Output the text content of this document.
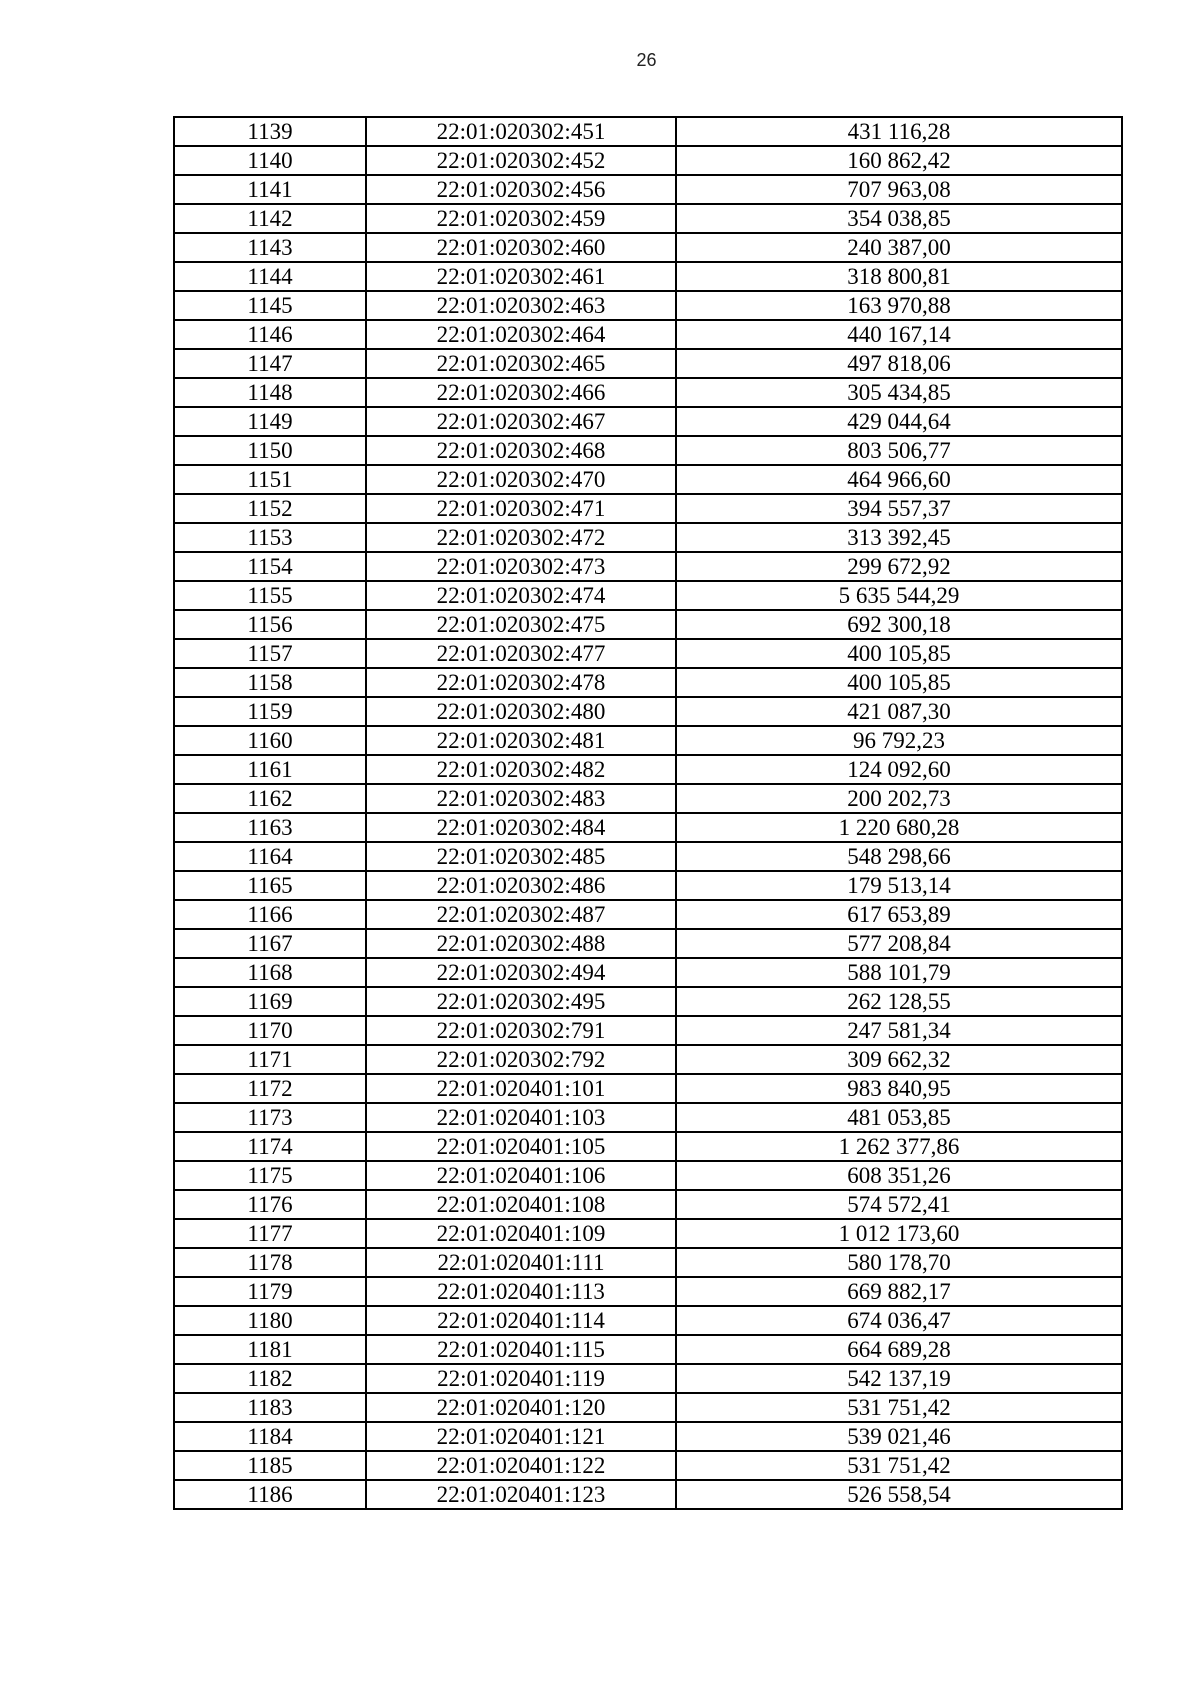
26
1139	22:01:020302:451	431 116,28
1140	22:01:020302:452	160 862,42
1141	22:01:020302:456	707 963,08
1142	22:01:020302:459	354 038,85
1143	22:01:020302:460	240 387,00
1144	22:01:020302:461	318 800,81
1145	22:01:020302:463	163 970,88
1146	22:01:020302:464	440 167,14
1147	22:01:020302:465	497 818,06
1148	22:01:020302:466	305 434,85
1149	22:01:020302:467	429 044,64
1150	22:01:020302:468	803 506,77
1151	22:01:020302:470	464 966,60
1152	22:01:020302:471	394 557,37
1153	22:01:020302:472	313 392,45
1154	22:01:020302:473	299 672,92
1155	22:01:020302:474	5 635 544,29
1156	22:01:020302:475	692 300,18
1157	22:01:020302:477	400 105,85
1158	22:01:020302:478	400 105,85
1159	22:01:020302:480	421 087,30
1160	22:01:020302:481	96 792,23
1161	22:01:020302:482	124 092,60
1162	22:01:020302:483	200 202,73
1163	22:01:020302:484	1 220 680,28
1164	22:01:020302:485	548 298,66
1165	22:01:020302:486	179 513,14
1166	22:01:020302:487	617 653,89
1167	22:01:020302:488	577 208,84
1168	22:01:020302:494	588 101,79
1169	22:01:020302:495	262 128,55
1170	22:01:020302:791	247 581,34
1171	22:01:020302:792	309 662,32
1172	22:01:020401:101	983 840,95
1173	22:01:020401:103	481 053,85
1174	22:01:020401:105	1 262 377,86
1175	22:01:020401:106	608 351,26
1176	22:01:020401:108	574 572,41
1177	22:01:020401:109	1 012 173,60
1178	22:01:020401:111	580 178,70
1179	22:01:020401:113	669 882,17
1180	22:01:020401:114	674 036,47
1181	22:01:020401:115	664 689,28
1182	22:01:020401:119	542 137,19
1183	22:01:020401:120	531 751,42
1184	22:01:020401:121	539 021,46
1185	22:01:020401:122	531 751,42
1186	22:01:020401:123	526 558,54
